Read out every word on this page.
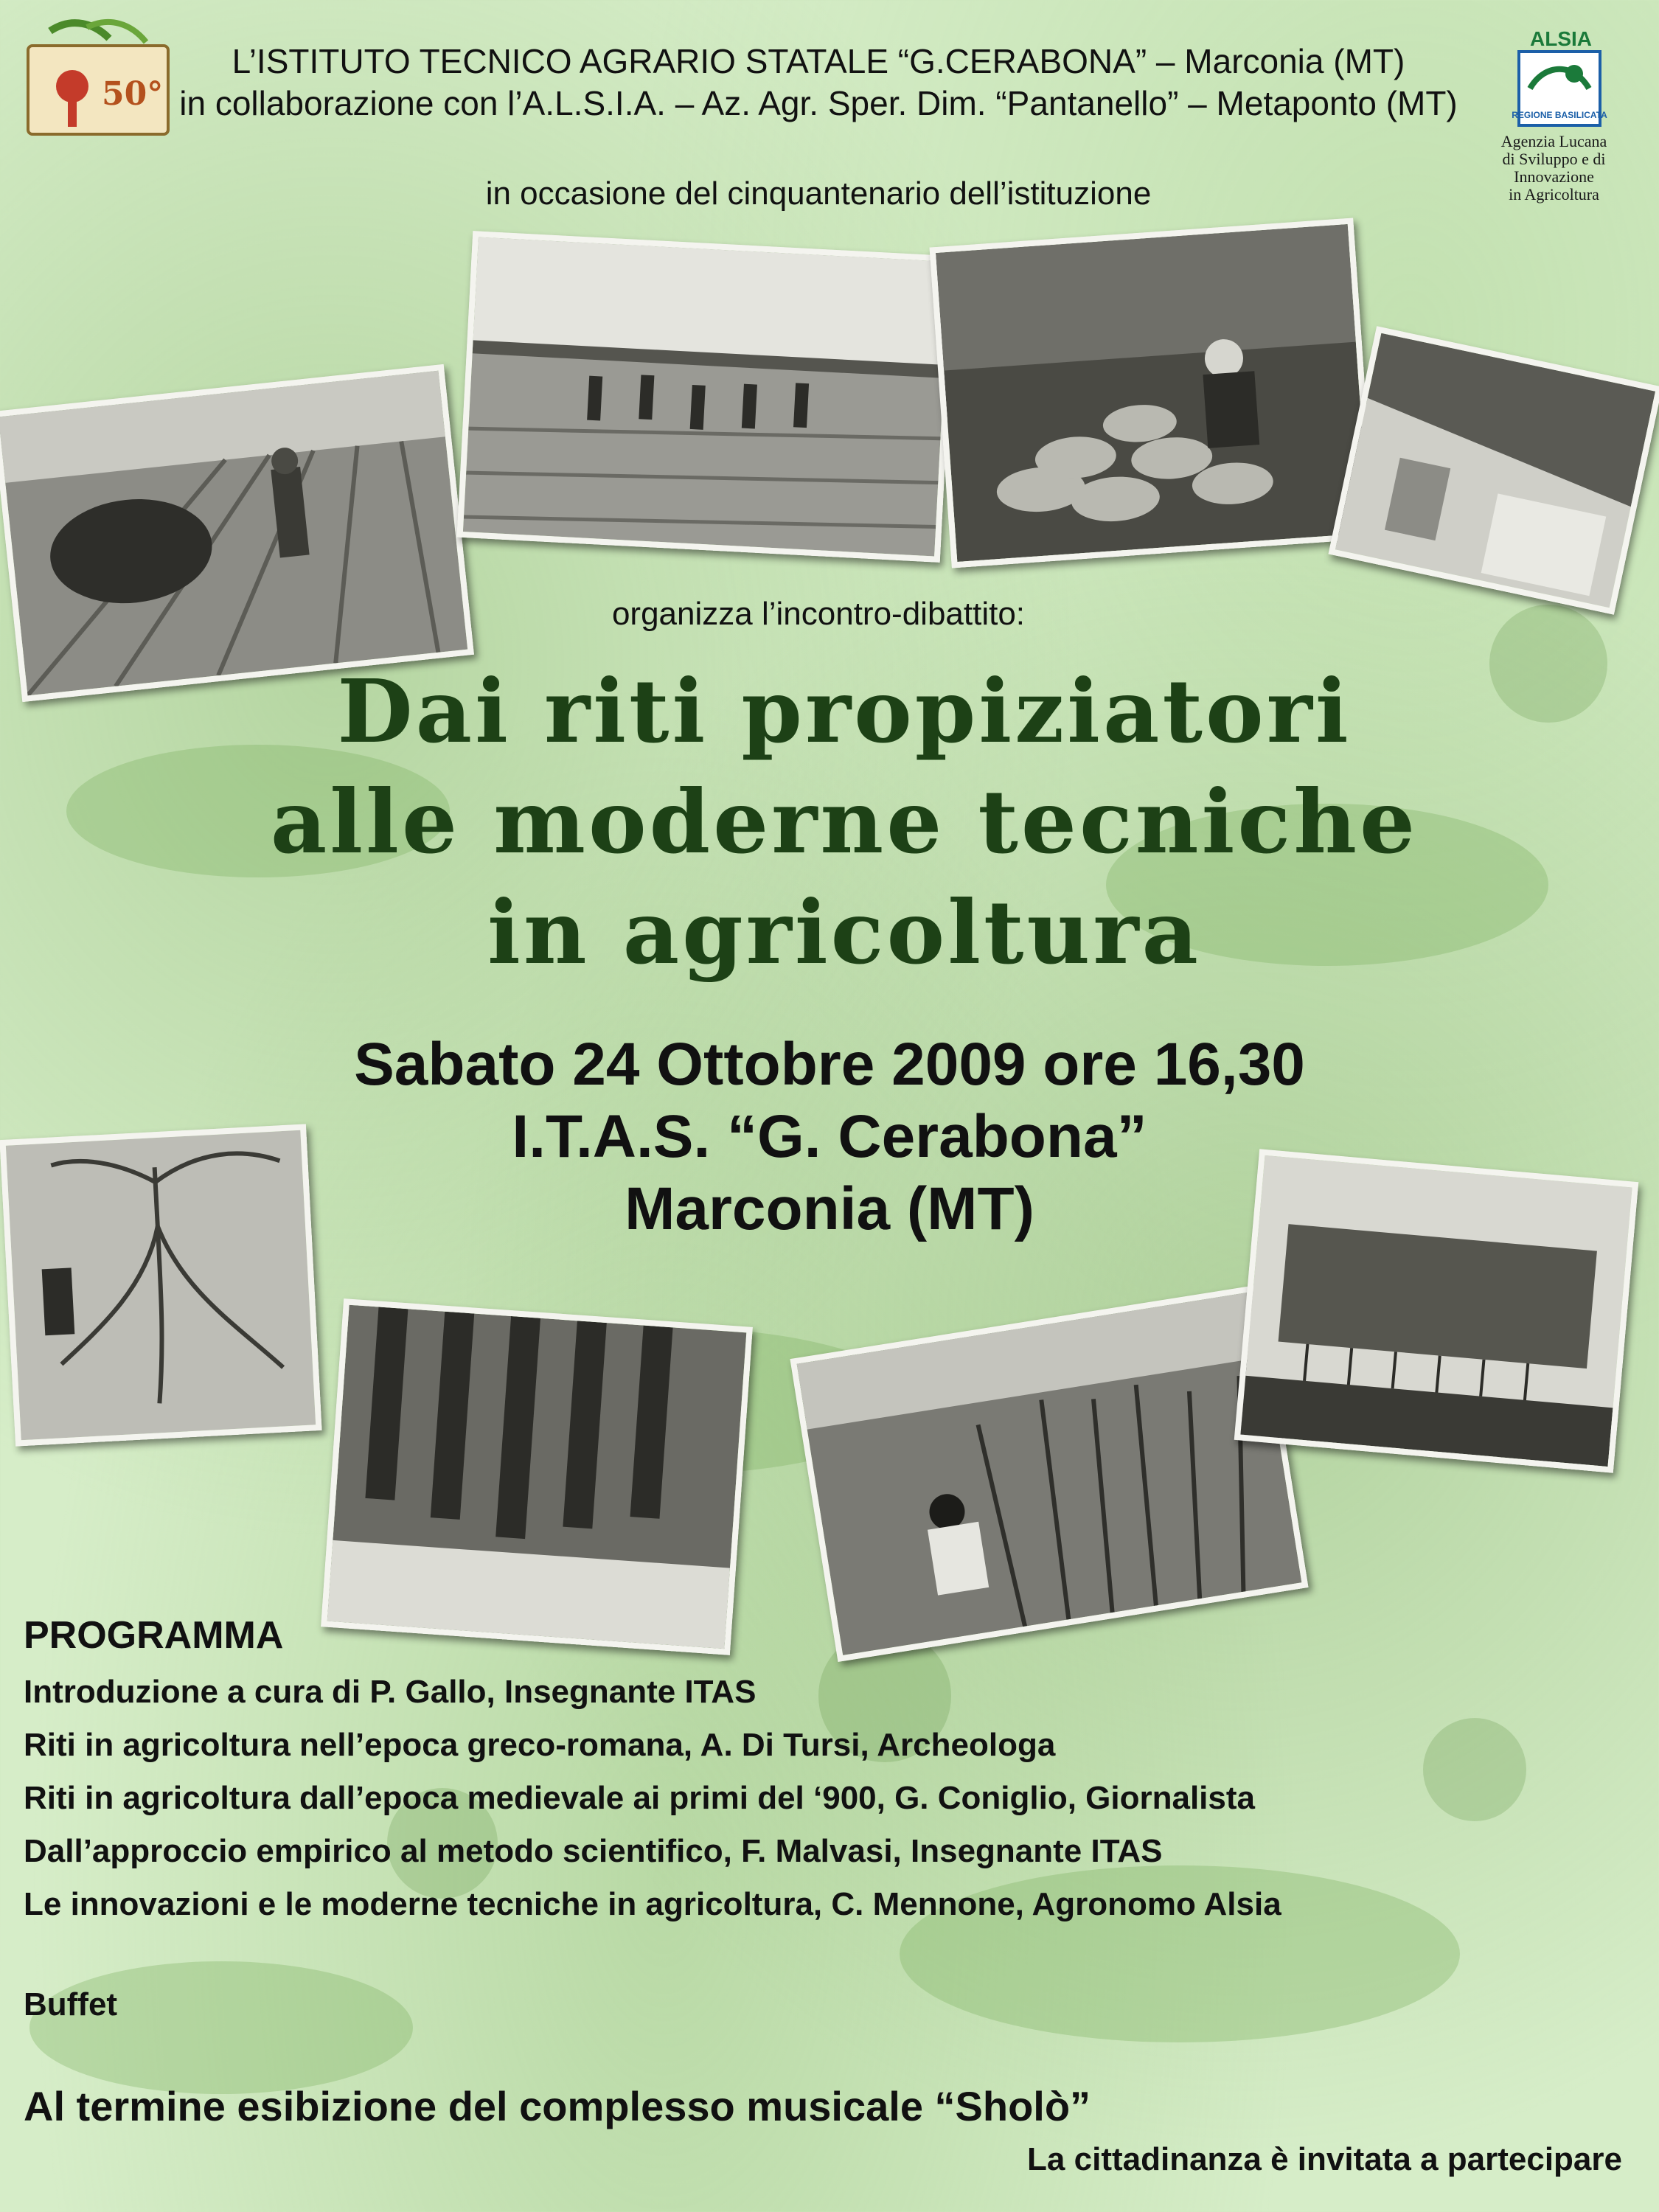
50°
ALSIA
REGIONE BASILICATA
Agenzia Lucana
di Sviluppo e di Innovazione
in Agricoltura
L’ISTITUTO TECNICO AGRARIO STATALE “G.CERABONA” – Marconia (MT)
in collaborazione con l’A.L.S.I.A. – Az. Agr. Sper. Dim. “Pantanello” – Metaponto (MT)
in occasione del cinquantenario dell’istituzione
organizza l’incontro-dibattito:
Dai riti propiziatori
alle moderne tecniche
in agricoltura
Sabato 24 Ottobre 2009 ore 16,30
I.T.A.S. “G. Cerabona”
Marconia (MT)
PROGRAMMA
Introduzione a cura di P. Gallo, Insegnante ITAS
Riti in agricoltura nell’epoca greco-romana, A. Di Tursi, Archeologa
Riti in agricoltura dall’epoca medievale ai primi del ‘900, G. Coniglio, Giornalista
Dall’approccio empirico al metodo scientifico, F. Malvasi, Insegnante ITAS
Le innovazioni e le moderne tecniche in agricoltura, C. Mennone, Agronomo Alsia
Buffet
Al termine esibizione del complesso musicale “Sholò”
La cittadinanza è invitata a partecipare
